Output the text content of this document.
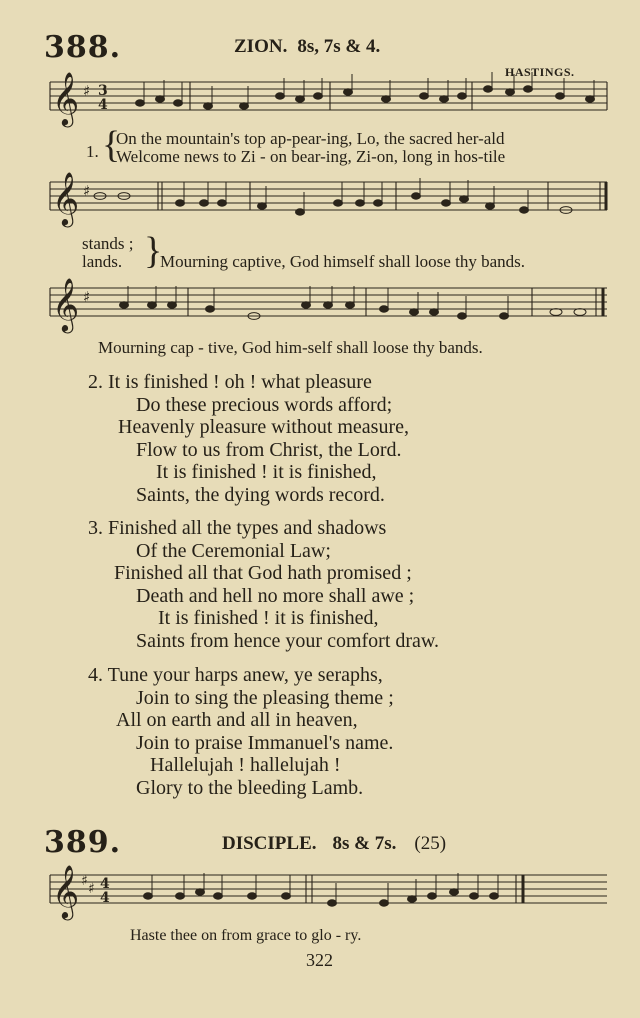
388.	ZION. 8s, 7s & 4.
HASTINGS.
𝄞 ♯ 3
4
1. {
On the mountain's top ap-pear-ing, Lo, the sacred her-ald
Welcome news to Zi - on bear-ing, Zi-on, long in hos-tile
𝄞 ♯
stands ;
lands. }
Mourning captive, God himself shall loose thy bands.
𝄞 ♯
Mourning cap - tive, God him-self shall loose thy bands.
2. It is finished ! oh ! what pleasure
Do these precious words afford;
Heavenly pleasure without measure,
Flow to us from Christ, the Lord.
It is finished ! it is finished,
Saints, the dying words record.
3. Finished all the types and shadows
Of the Ceremonial Law;
Finished all that God hath promised ;
Death and hell no more shall awe ;
It is finished ! it is finished,
Saints from hence your comfort draw.
4. Tune your harps anew, ye seraphs,
Join to sing the pleasing theme ;
All on earth and all in heaven,
Join to praise Immanuel's name.
Hallelujah ! hallelujah !
Glory to the bleeding Lamb.
389.	DISCIPLE. 8s & 7s. (25)
𝄞 ♯ ♯ 4
4
Haste thee on from grace to glo - ry.
322
